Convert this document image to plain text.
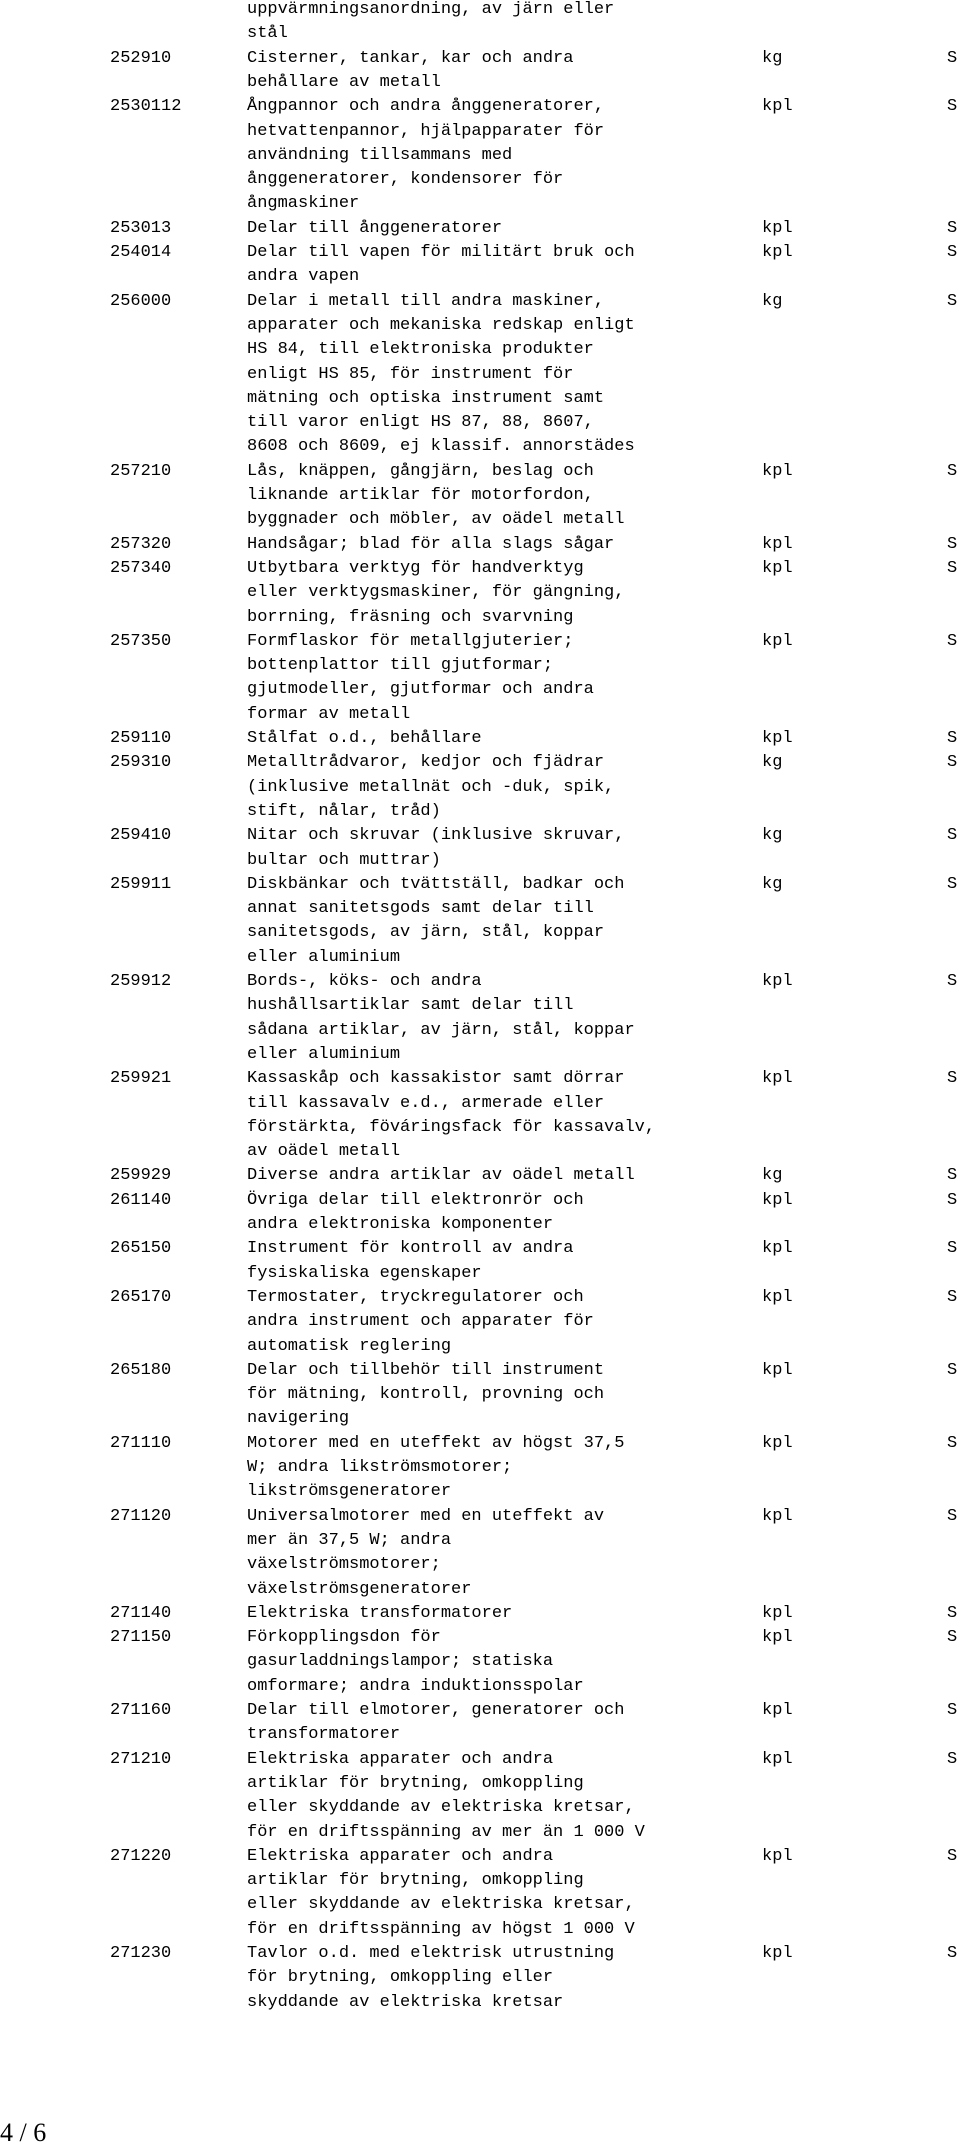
uppvärmningsanordning, av järn eller
stål
252910	Cisterner, tankar, kar och andra
behållare av metall
kg	S
2530112	Ångpannor och andra ånggeneratorer,
hetvattenpannor, hjälpapparater för
användning tillsammans med
ånggeneratorer, kondensorer för
ångmaskiner
kpl	S
253013	Delar till ånggeneratorer	kpl	S
254014	Delar till vapen för militärt bruk och
andra vapen
kpl	S
256000	Delar i metall till andra maskiner,
apparater och mekaniska redskap enligt
HS 84, till elektroniska produkter
enligt HS 85, för instrument för
mätning och optiska instrument samt
till varor enligt HS 87, 88, 8607,
8608 och 8609, ej klassif. annorstädes
kg	S
257210	Lås, knäppen, gångjärn, beslag och
liknande artiklar för motorfordon,
byggnader och möbler, av oädel metall
kpl	S
257320	Handsågar; blad för alla slags sågar	kpl	S
257340	Utbytbara verktyg för handverktyg
eller verktygsmaskiner, för gängning,
borrning, fräsning och svarvning
kpl	S
257350	Formflaskor för metallgjuterier;
bottenplattor till gjutformar;
gjutmodeller, gjutformar och andra
formar av metall
kpl	S
259110	Stålfat o.d., behållare	kpl	S
259310	Metalltrådvaror, kedjor och fjädrar
(inklusive metallnät och -duk, spik,
stift, nålar, tråd)
kg	S
259410	Nitar och skruvar (inklusive skruvar,
bultar och muttrar)
kg	S
259911	Diskbänkar och tvättställ, badkar och
annat sanitetsgods samt delar till
sanitetsgods, av järn, stål, koppar
eller aluminium
kg	S
259912	Bords-, köks- och andra
hushållsartiklar samt delar till
sådana artiklar, av järn, stål, koppar
eller aluminium
kpl	S
259921	Kassaskåp och kassakistor samt dörrar
till kassavalv e.d., armerade eller
förstärkta, föváringsfack för kassavalv,
av oädel metall
kpl	S
259929	Diverse andra artiklar av oädel metall	kg	S
261140	Övriga delar till elektronrör och
andra elektroniska komponenter
kpl	S
265150	Instrument för kontroll av andra
fysiskaliska egenskaper
kpl	S
265170	Termostater, tryckregulatorer och
andra instrument och apparater för
automatisk reglering
kpl	S
265180	Delar och tillbehör till instrument
för mätning, kontroll, provning och
navigering
kpl	S
271110	Motorer med en uteffekt av högst 37,5
W; andra likströmsmotorer;
likströmsgeneratorer
kpl	S
271120	Universalmotorer med en uteffekt av
mer än 37,5 W; andra
växelströmsmotorer;
växelströmsgeneratorer
kpl	S
271140	Elektriska transformatorer	kpl	S
271150	Förkopplingsdon för
gasurladdningslampor; statiska
omformare; andra induktionsspolar
kpl	S
271160	Delar till elmotorer, generatorer och
transformatorer
kpl	S
271210	Elektriska apparater och andra
artiklar för brytning, omkoppling
eller skyddande av elektriska kretsar,
för en driftsspänning av mer än 1 000 V
kpl	S
271220	Elektriska apparater och andra
artiklar för brytning, omkoppling
eller skyddande av elektriska kretsar,
för en driftsspänning av högst 1 000 V
kpl	S
271230	Tavlor o.d. med elektrisk utrustning
för brytning, omkoppling eller
skyddande av elektriska kretsar
kpl	S
4 / 6
